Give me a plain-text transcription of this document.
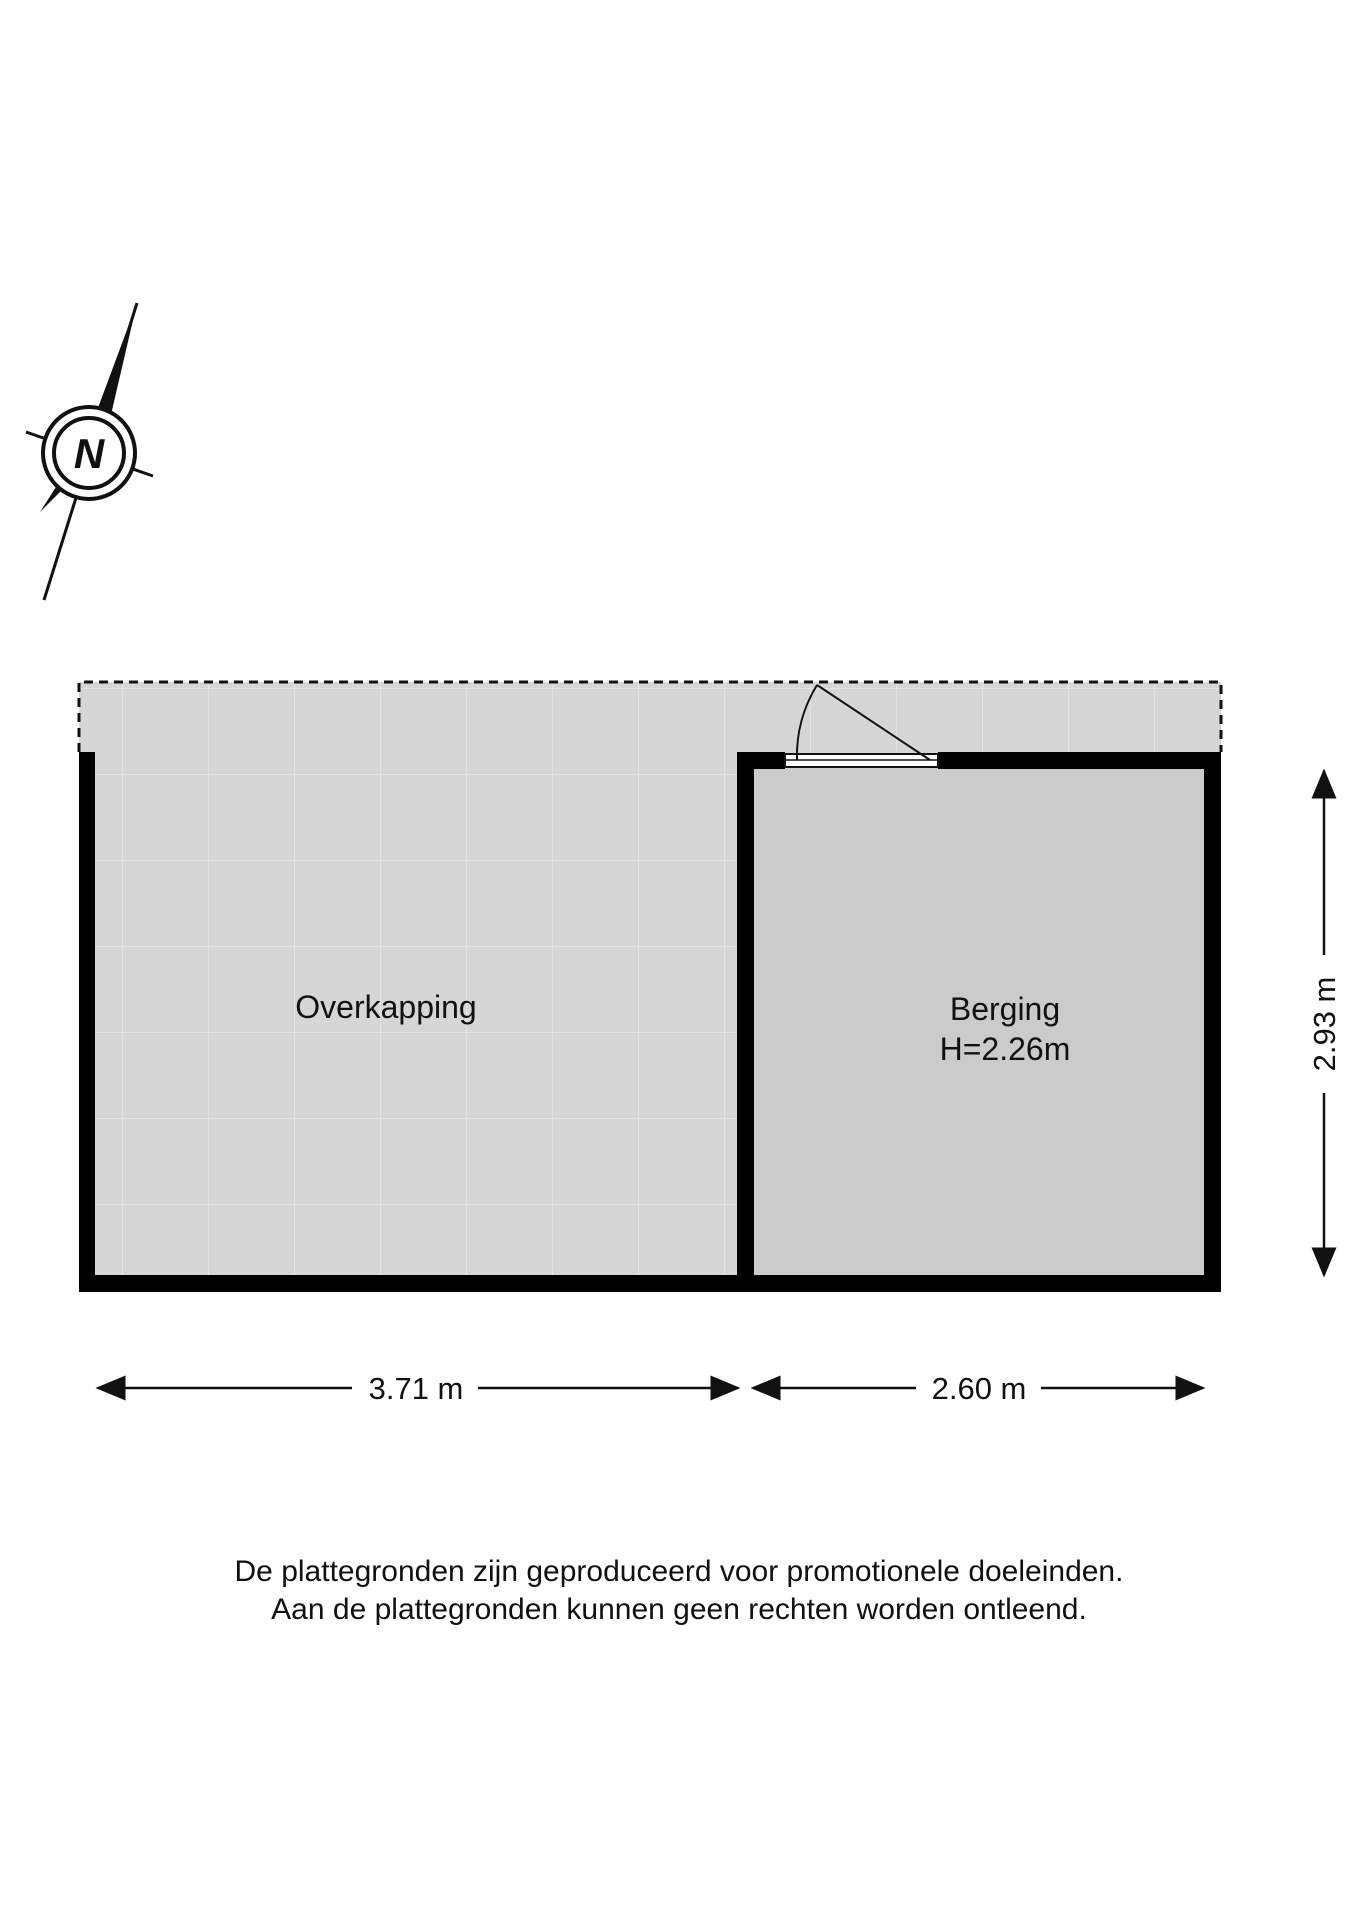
N
Overkapping	Berging
H=2.26m
3.71 m	2.60 m
2.93 m
De plattegronden zijn geproduceerd voor promotionele doeleinden.
Aan de plattegronden kunnen geen rechten worden ontleend.
